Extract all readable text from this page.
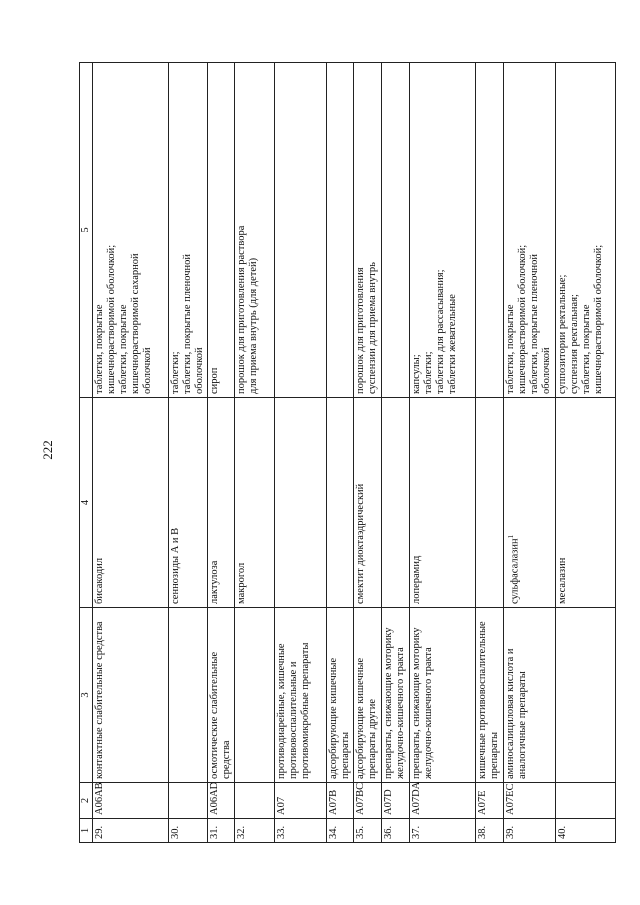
222
1	2	3	4	5
29.	A06AB	контактные слабительные средства	бисакодил	таблетки, покрытые
кишечнорастворимой оболочкой;
таблетки, покрытые
кишечнорастворимой сахарной
оболочкой
30.			сеннозиды А и В	таблетки;
таблетки, покрытые пленочной
оболочкой
31.	A06AD	осмотические слабительные средства	лактулоза	сироп
32.			макрогол	порошок для приготовления раствора
для приема внутрь (для детей)
33.	A07	противодиарейные, кишечные противовоспалительные и противомикробные препараты		
34.	A07B	адсорбирующие кишечные препараты		
35.	A07BC	адсорбирующие кишечные препараты другие	смектит диоктаэдрический	порошок для приготовления
суспензии для приема внутрь
36.	A07D	препараты, снижающие моторику желудочно-кишечного тракта		
37.	A07DA	препараты, снижающие моторику желудочно-кишечного тракта	лоперамид	капсулы;
таблетки;
таблетки для рассасывания;
таблетки жевательные
38.	A07E	кишечные противовоспалительные препараты		
39.	A07EC	аминосалициловая кислота и аналогичные препараты	сульфасалазин$^1$	таблетки, покрытые
кишечнорастворимой оболочкой;
таблетки, покрытые пленочной
оболочкой
40.			месалазин	суппозитории ректальные;
суспензия ректальная;
таблетки, покрытые
кишечнорастворимой оболочкой;
